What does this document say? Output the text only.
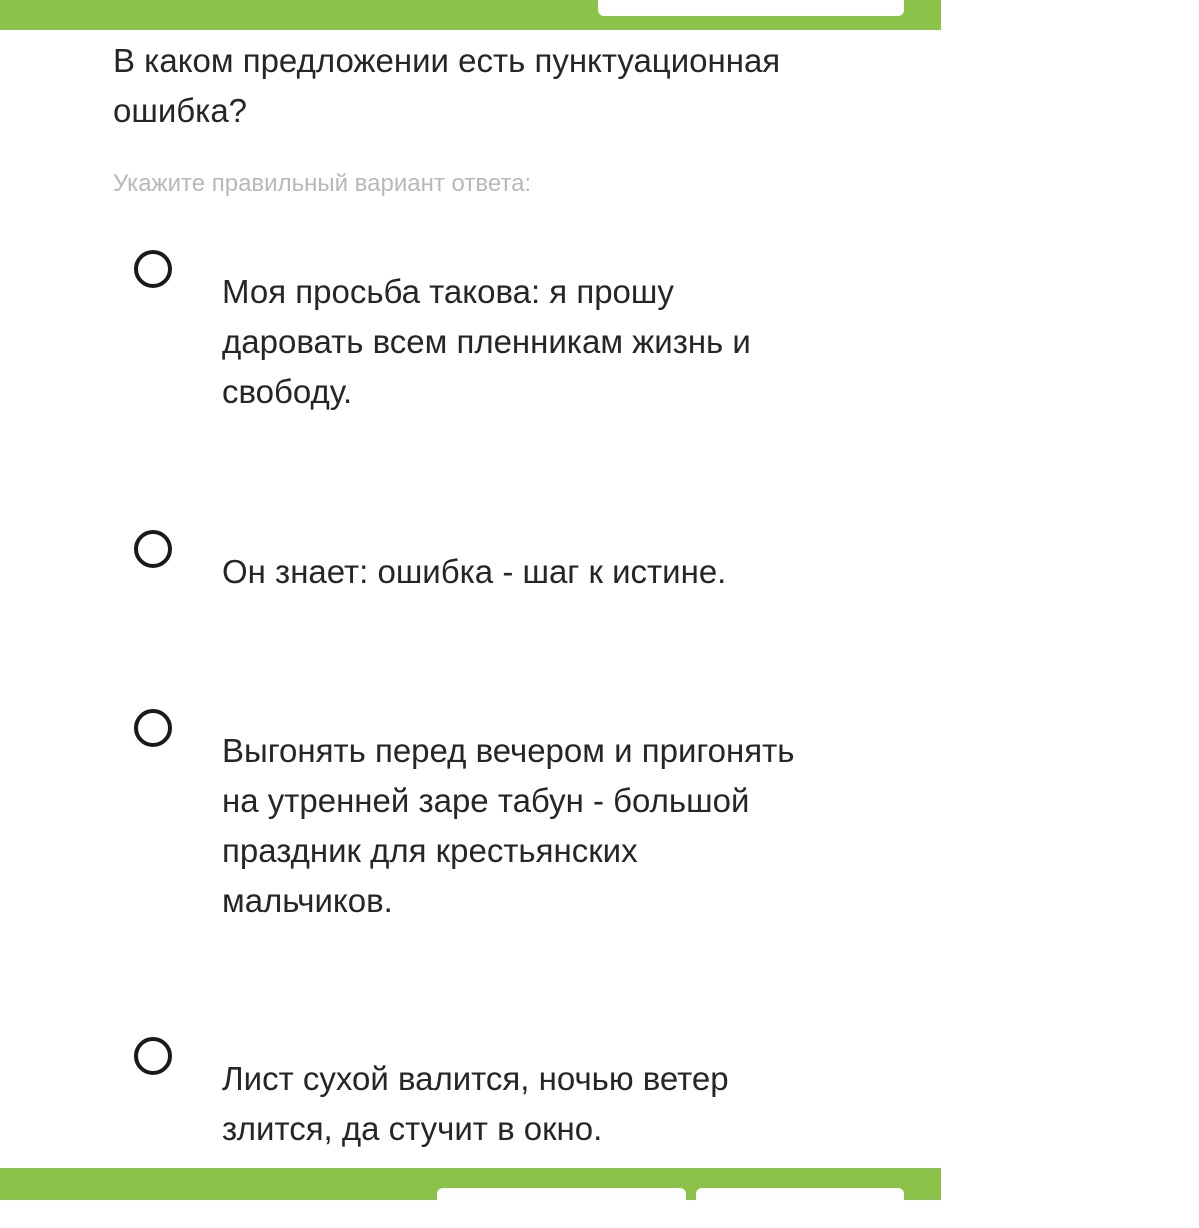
В каком предложении есть пунктуационная ошибка?
Укажите правильный вариант ответа:
Моя просьба такова: я прошу даровать всем пленникам жизнь и свободу.
Он знает: ошибка - шаг к истине.
Выгонять перед вечером и пригонять на утренней заре табун - большой праздник для крестьянских мальчиков.
Лист сухой валится, ночью ветер злится, да стучит в окно.
